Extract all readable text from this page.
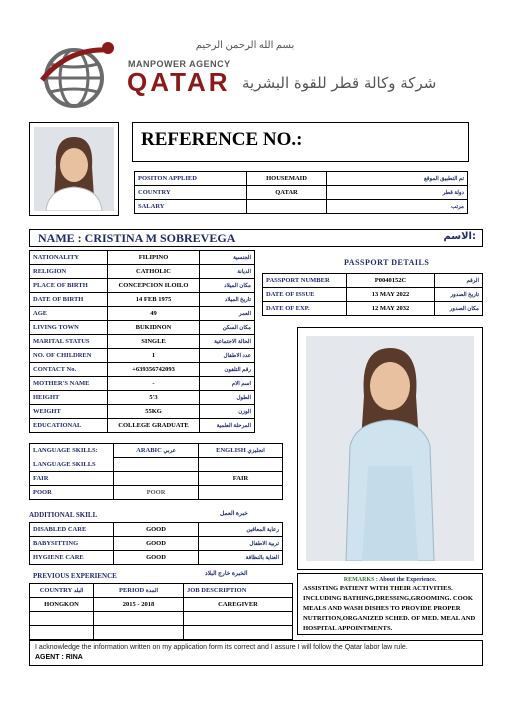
بسم الله الرحمن الرحيم
MANPOWER AGENCY
QATAR شركة وكالة قطر للقوة البشرية
REFERENCE NO.:
POSITON APPLIED	HOUSEMAID	تم التطبيق الموقع
COUNTRY	QATAR	دولة قطر
SALARY		مرتب
NAME : CRISTINA M SOBREVEGA	الاسم:
NATIONALITY	FILIPINO	الجنسية
RELIGION	CATHOLIC	الديانة
PLACE OF BIRTH	CONCEPCION ILOILO	مكان الميلاد
DATE OF BIRTH	14 FEB 1975	تاريخ الميلاد
AGE	49	العمر
LIVING TOWN	BUKIDNON	مكان السكن
MARITAL STATUS	SINGLE	الحالة الاجتماعية
NO. OF CHILDREN	1	عدد الاطفال
CONTACT No.	+639356742093	رقم التلفون
MOTHER'S NAME	-	اسم الام
HEIGHT	5'3	الطول
WEIGHT	55KG	الوزن
EDUCATIONAL	COLLEGE GRADUATE	المرحلة العلمية
PASSPORT DETAILS
PASSPORT NUMBER	P0040152C	الرقم
DATE OF ISSUE	13 MAY 2022	تاريخ الصدور
DATE OF EXP.	12 MAY 2032	مكان الصدور
LANGUAGE SKILLS:	ARABIC عربي	ENGLISH انجليزي
LANGUAGE SKILLS		
FAIR		FAIR
POOR	POOR	
ADDITIONAL SKILL	خبرة العمل
DISABLED CARE	GOOD	رعاية المعاقين
BABYSITTING	GOOD	تربية الاطفال
HYGIENE CARE	GOOD	العناية بالنظافة
PREVIOUS EXPERIENCE	الخبرة خارج البلاد
COUNTRY البلد	PERIOD المدة	JOB DESCRIPTION
HONGKON	2015 - 2018	CAREGIVER

REMARKS : About the Experience.
ASSISTING PATIENT WITH THEIR ACTIVITIES. INCLUDING BATHING,DRESSING,GROOMING. COOK MEALS AND WASH DISHES TO PROVIDE PROPER NUTRITION,ORGANIZED SCHED. OF MED. MEAL AND HOSPITAL APPOINTMENTS.
I acknowledge the information written on my application form its correct and I assure I will follow the Qatar labor law rule.
AGENT : RINA
